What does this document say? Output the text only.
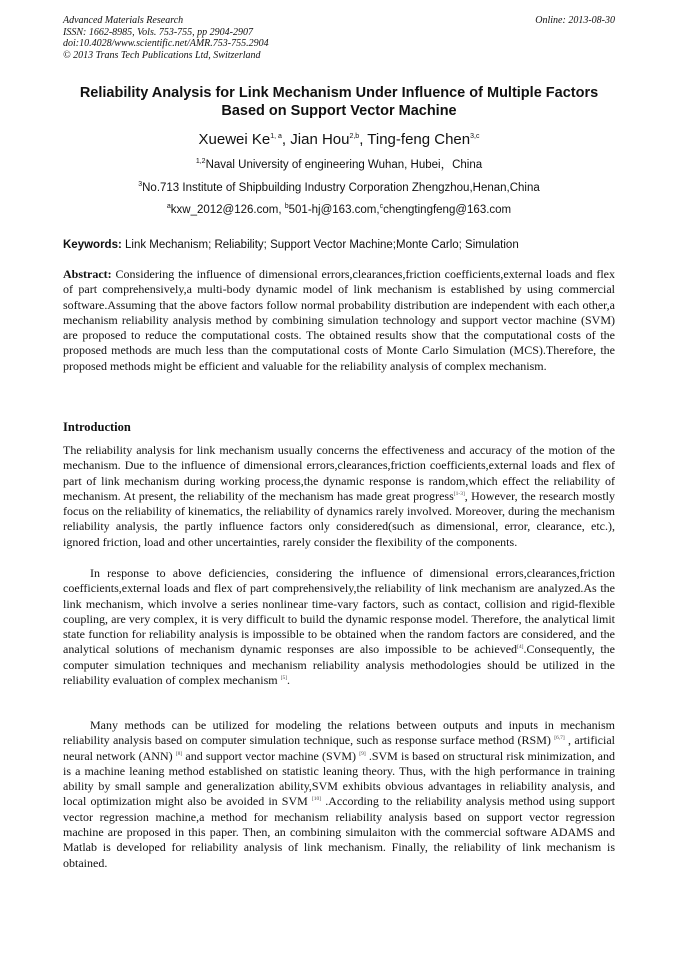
Advanced Materials Research
ISSN: 1662-8985, Vols. 753-755, pp 2904-2907
doi:10.4028/www.scientific.net/AMR.753-755.2904
© 2013 Trans Tech Publications Ltd, Switzerland
Online: 2013-08-30
Reliability Analysis for Link Mechanism Under Influence of Multiple Factors Based on Support Vector Machine
Xuewei Ke$^{1, a}$, Jian Hou$^{2,b}$, Ting-feng Chen$^{3,c}$
$^{1,2}$Naval University of engineering Wuhan, Hubei，China
$^3$No.713 Institute of Shipbuilding Industry Corporation Zhengzhou,Henan,China
$^a$kxw_2012@126.com, $^b$501-hj@163.com,$^c$chengtingfeng@163.com
Keywords: Link Mechanism; Reliability; Support Vector Machine;Monte Carlo; Simulation

Abstract: Considering the influence of dimensional errors,clearances,friction coefficients,external loads and flex of part comprehensively,a multi-body dynamic model of link mechanism is established by using commercial software.Assuming that the above factors follow normal probability distribution are independent with each other,a mechanism reliability analysis method by combining simulation technology and support vector machine (SVM) are proposed to reduce the computational costs. The obtained results show that the computational costs of the proposed methods are much less than the computational costs of Monte Carlo Simulation (MCS).Therefore, the proposed methods might be efficient and valuable for the reliability analysis of complex mechanism.

Introduction

The reliability analysis for link mechanism usually concerns the effectiveness and accuracy of the motion of the mechanism. Due to the influence of dimensional errors,clearances,friction coefficients,external loads and flex of part of link mechanism during working process,the dynamic response is random,which effect the reliability of mechanism. At present, the reliability of the mechanism has made great progress[1-3], However, the research mostly focus on the reliability of kinematics, the reliability of dynamics rarely involved. Moreover, during the mechanism reliability analysis, the partly influence factors only considered(such as dimensional, error, clearance, etc.), ignored friction, load and other uncertainties, rarely consider the flexibility of the components.

In response to above deficiencies, considering the influence of dimensional errors,clearances,friction coefficients,external loads and flex of part comprehensively,the reliability of link mechanism are analyzed.As the link mechanism, which involve a series nonlinear time-vary factors, such as contact, collision and rigid-flexible coupling, are very complex, it is very difficult to build the dynamic response model. Therefore, the analytical limit state function for reliability analysis is impossible to be obtained when the random factors are considered, and the analytical solutions of mechanism dynamic responses are also impossible to be achieved[4].Consequently, the computer simulation techniques and mechanism reliability analysis methodologies should be utilized in the reliability evaluation of complex mechanism [5].

Many methods can be utilized for modeling the relations between outputs and inputs in mechanism reliability analysis based on computer simulation technique, such as response surface method (RSM) [6,7] , artificial neural network (ANN) [8] and support vector machine (SVM) [9] .SVM is based on structural risk minimization, and is a machine leaning method established on statistic leaning theory. Thus, with the high performance in training ability by small sample and generalization ability,SVM exhibits obvious advantages in reliability analysis, and local optimization might also be avoided in SVM [10] .According to the reliability analysis method using support vector regression machine,a method for mechanism reliability analysis based on support vector regression machine are proposed in this paper. Then, an combining simulaiton with the commercial software ADAMS and Matlab is developed for reliability analysis of link mechanism. Finally, the reliability of link mechanism is obtained.
